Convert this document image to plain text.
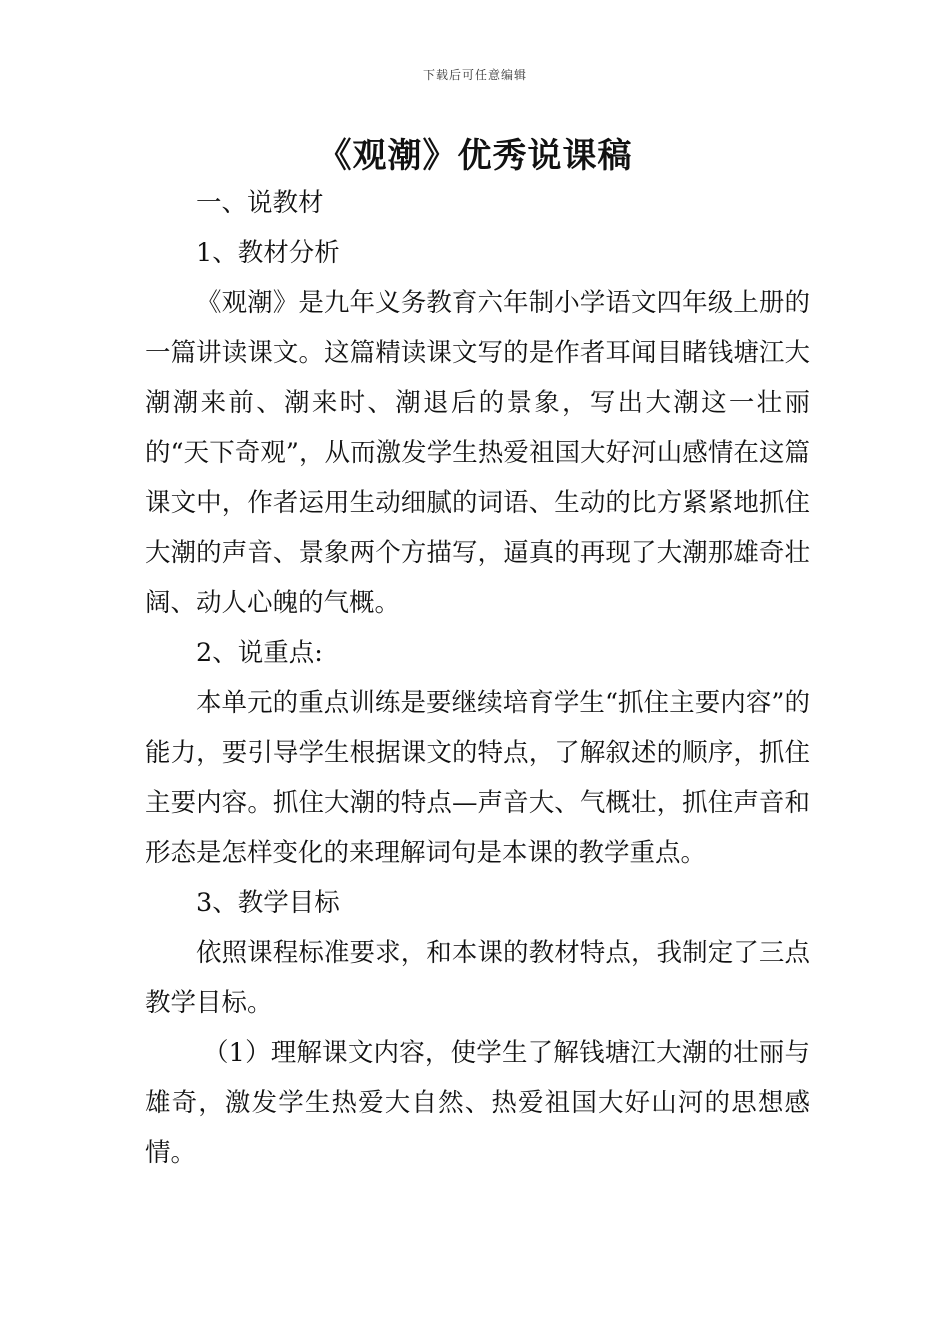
下载后可任意编辑
《观潮》优秀说课稿

一、说教材

1、教材分析

《观潮》是九年义务教育六年制小学语文四年级上册的一篇讲读课文。这篇精读课文写的是作者耳闻目睹钱塘江大潮潮来前、潮来时、潮退后的景象，写出大潮这一壮丽的“天下奇观”，从而激发学生热爱祖国大好河山感情在这篇课文中，作者运用生动细腻的词语、生动的比方紧紧地抓住大潮的声音、景象两个方描写，逼真的再现了大潮那雄奇壮阔、动人心魄的气概。

2、说重点:

本单元的重点训练是要继续培育学生“抓住主要内容”的能力，要引导学生根据课文的特点，了解叙述的顺序，抓住主要内容。抓住大潮的特点—声音大、气概壮，抓住声音和形态是怎样变化的来理解词句是本课的教学重点。

3、教学目标

依照课程标准要求，和本课的教材特点，我制定了三点教学目标。

（1）理解课文内容，使学生了解钱塘江大潮的壮丽与雄奇，激发学生热爱大自然、热爱祖国大好山河的思想感情。
